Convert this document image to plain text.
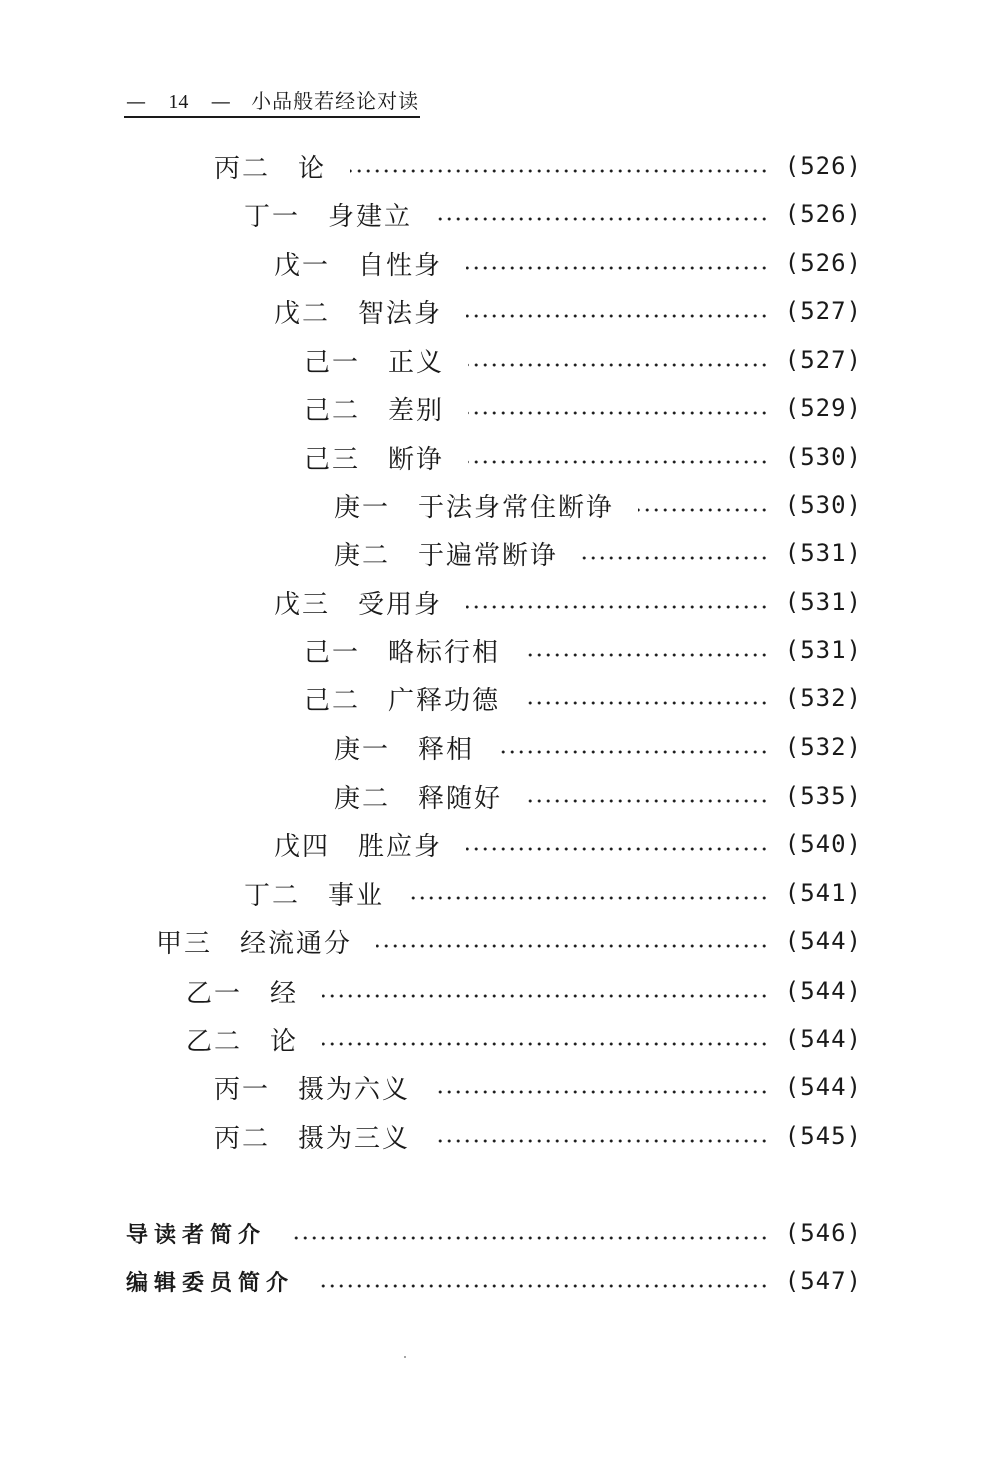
— 14 — 小品般若经论对读
丙二 论	(526)
丁一 身建立	(526)
戊一 自性身	(526)
戊二 智法身	(527)
己一 正义	(527)
己二 差别	(529)
己三 断诤	(530)
庚一 于法身常住断诤	(530)
庚二 于遍常断诤	(531)
戊三 受用身	(531)
己一 略标行相	(531)
己二 广释功德	(532)
庚一 释相	(532)
庚二 释随好	(535)
戊四 胜应身	(540)
丁二 事业	(541)
甲三 经流通分	(544)
乙一 经	(544)
乙二 论	(544)
丙一 摄为六义	(544)
丙二 摄为三义	(545)
导读者简介	(546)
编辑委员简介	(547)
